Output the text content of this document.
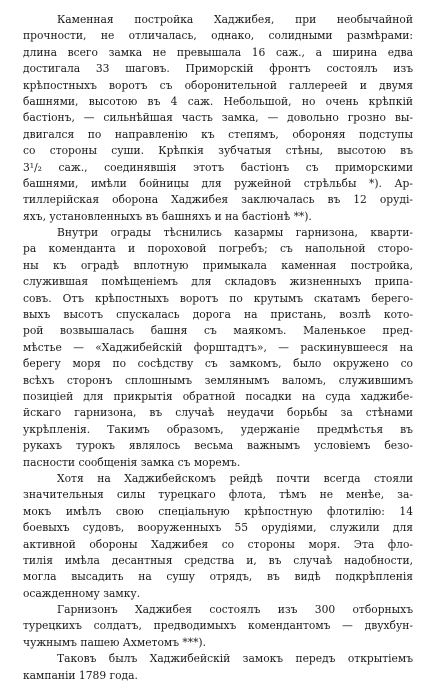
Каменная постройка Хаджибея, при необычайной
прочности, не отличалась, однако, солидными размѣрами:
длина всего замка не превышала 16 саж., а ширина едва
достигала 33 шаговъ. Приморскій фронтъ состоялъ изъ
крѣпостныхъ воротъ съ оборонительной галлереей и двумя
башнями, высотою въ 4 саж. Небольшой, но очень крѣпкій
бастіонъ, — сильнѣйшая часть замка, — довольно грозно вы-
двигался по направленію къ степямъ, обороняя подступы
со стороны суши. Крѣпкія зубчатыя стѣны, высотою въ
3¹/₂ саж., соединявшія этотъ бастіонъ съ приморскими
башнями, имѣли бойницы для ружейной стрѣльбы *). Ар-
тиллерійская оборона Хаджибея заключалась въ 12 оруді-
яхъ, установленныхъ въ башняхъ и на бастіонѣ **).
Внутри ограды тѣснились казармы гарнизона, кварти-
ра коменданта и пороховой погребъ; съ напольной сторо-
ны къ оградѣ вплотную примыкала каменная постройка,
служившая помѣщеніемъ для складовъ жизненныхъ припа-
совъ. Отъ крѣпостныхъ воротъ по крутымъ скатамъ берего-
выхъ высотъ спускалась дорога на пристань, возлѣ кото-
рой возвышалась башня съ маякомъ. Маленькое пред-
мѣстье — «Хаджибейскій форштадтъ», — раскинувшееся на
берегу моря по сосѣдству съ замкомъ, было окружено со
всѣхъ сторонъ сплошнымъ землянымъ валомъ, служившимъ
позиціей для прикрытія обратной посадки на суда хаджибе-
йскаго гарнизона, въ случаѣ неудачи борьбы за стѣнами
укрѣпленія. Такимъ образомъ, удержаніе предмѣстья въ
рукахъ турокъ являлось весьма важнымъ условіемъ безо-
пасности сообщенія замка съ моремъ.
Хотя на Хаджибейскомъ рейдѣ почти всегда стояли
значительныя силы турецкаго флота, тѣмъ не менѣе, за-
мокъ имѣлъ свою спеціальную крѣпостную флотилію: 14
боевыхъ судовъ, вооруженныхъ 55 орудіями, служили для
активной обороны Хаджибея со стороны моря. Эта фло-
тилія имѣла десантныя средства и, въ случаѣ надобности,
могла высадить на сушу отрядъ, въ видѣ подкрѣпленія
осажденному замку.
Гарнизонъ Хаджибея состоялъ изъ 300 отборныхъ
турецкихъ солдатъ, предводимыхъ комендантомъ — двухбун-
чужнымъ пашею Ахметомъ ***).
Таковъ былъ Хаджибейскій замокъ передъ открытіемъ
кампаніи 1789 года.
